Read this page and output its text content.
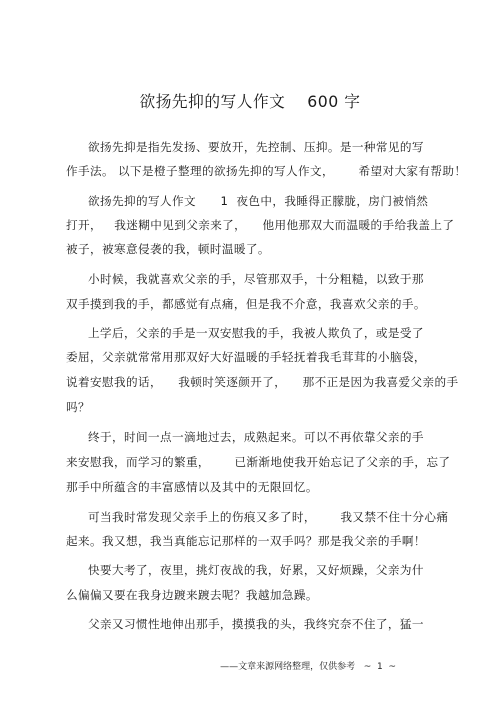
欲扬先抑的写人作文    600 字
欲扬先抑是指先发扬、要放开，先控制、压抑。是一种常见的写
作手法。 以下是橙子整理的欲扬先抑的写人作文，      希望对大家有帮助！
欲扬先抑的写人作文      1  夜色中，我睡得正朦胧，房门被悄然
打开，   我迷糊中见到父亲来了，    他用他那双大而温暖的手给我盖上了
被子，被寒意侵袭的我，顿时温暖了。
小时候，我就喜欢父亲的手，尽管那双手，十分粗糙，以致于那
双手摸到我的手，都感觉有点痛，但是我不介意，我喜欢父亲的手。
上学后，父亲的手是一双安慰我的手，我被人欺负了，或是受了
委屈，父亲就常常用那双好大好温暖的手轻抚着我毛茸茸的小脑袋，
说着安慰我的话，    我顿时笑逐颜开了，    那不正是因为我喜爱父亲的手
吗？
终于，时间一点一滴地过去，成熟起来。可以不再依靠父亲的手
来安慰我，而学习的繁重，      已渐渐地使我开始忘记了父亲的手，忘了
那手中所蕴含的丰富感情以及其中的无限回忆。
可当我时常发现父亲手上的伤痕又多了时，      我又禁不住十分心痛
起来。我又想，我当真能忘记那样的一双手吗？那是我父亲的手啊！
快要大考了，夜里，挑灯夜战的我，好累，又好烦躁，父亲为什
么偏偏又要在我身边踱来踱去呢？我越加急躁。
父亲又习惯性地伸出那手，摸摸我的头，我终究奈不住了，猛一
——文章来源网络整理，仅供参考   ~  1  ~
